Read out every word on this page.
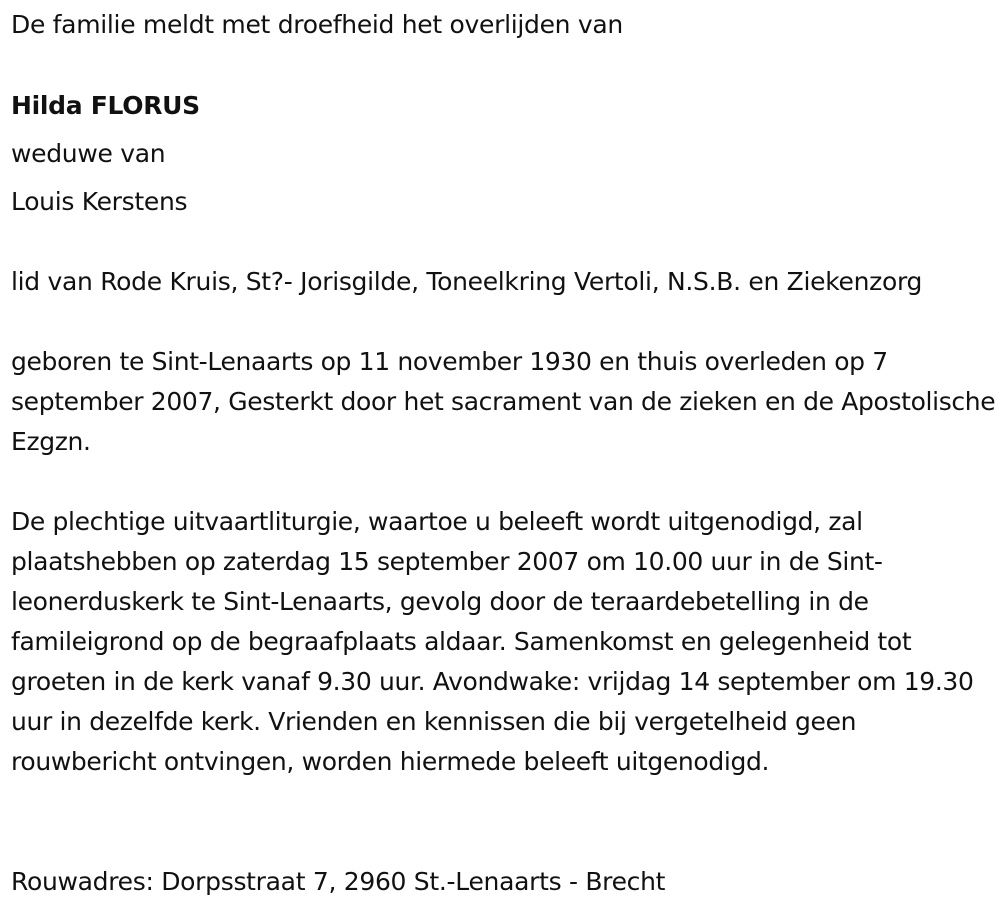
De familie meldt met droefheid het overlijden van
Hilda FLORUS
weduwe van
Louis Kerstens
lid van Rode Kruis, St?- Jorisgilde, Toneelkring Vertoli, N.S.B. en Ziekenzorg
geboren te Sint-Lenaarts op 11 november 1930 en thuis overleden op 7 september 2007, Gesterkt door het sacrament van de zieken en de Apostolische Ezgzn.
De plechtige uitvaartliturgie, waartoe u beleeft wordt uitgenodigd, zal plaatshebben op zaterdag 15 september 2007 om 10.00 uur in de Sint-leonerduskerk te Sint-Lenaarts, gevolg door de teraardebetelling in de famileigrond op de begraafplaats aldaar. Samenkomst en gelegenheid tot groeten in de kerk vanaf 9.30 uur. Avondwake: vrijdag 14 september om 19.30 uur in dezelfde kerk. Vrienden en kennissen die bij vergetelheid geen rouwbericht ontvingen, worden hiermede beleeft uitgenodigd.
Rouwadres: Dorpsstraat 7, 2960 St.-Lenaarts - Brecht
